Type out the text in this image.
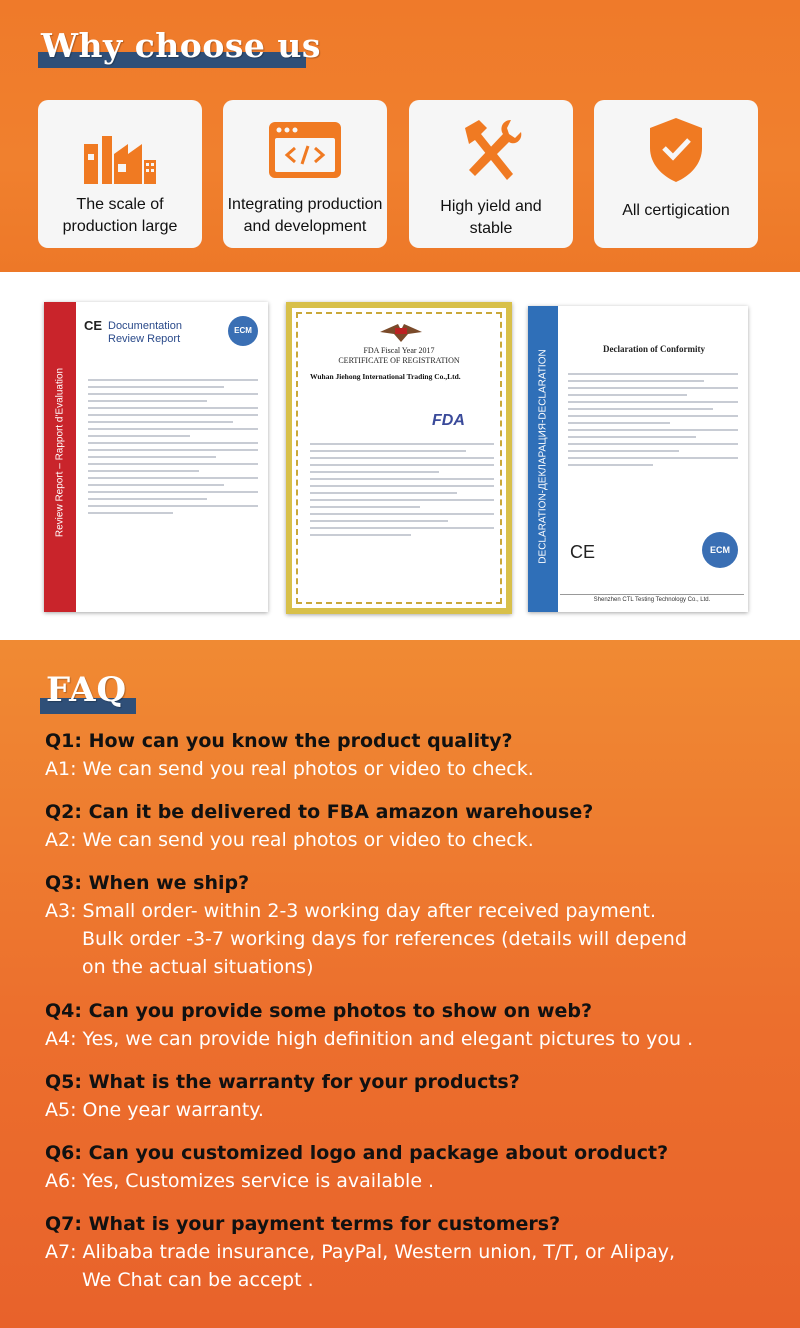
Why choose us
The scale of
production large
Integrating production
and development
High yield and
stable
All certigication
Review Report – Rapport d'Evaluation
CE Documentation
Review Report
ECM
FDA Fiscal Year 2017
CERTIFICATE OF REGISTRATION
Wuhan Jiehong International Trading Co.,Ltd.
FDA	DECLARATION-ДЕКЛАРАЦИЯ-DECLARATION
Declaration of Conformity
CE	ECM
Shenzhen CTL Testing Technology Co., Ltd.
FAQ
Q1: How can you know the product quality?
A1: We can send you real photos or video to check.
Q2: Can it be delivered to FBA amazon warehouse?
A2: We can send you real photos or video to check.
Q3: When we ship?
A3: Small order- within 2-3 working day after received payment.
Bulk order -3-7 working days for references (details will depend
on the actual situations)
Q4: Can you provide some photos to show on web?
A4: Yes, we can provide high definition and elegant pictures to you .
Q5: What is the warranty for your products?
A5: One year warranty.
Q6: Can you customized logo and package about oroduct?
A6: Yes, Customizes service is available .
Q7: What is your payment terms for customers?
A7: Alibaba trade insurance, PayPal, Western union, T/T, or Alipay,
We Chat can be accept .
